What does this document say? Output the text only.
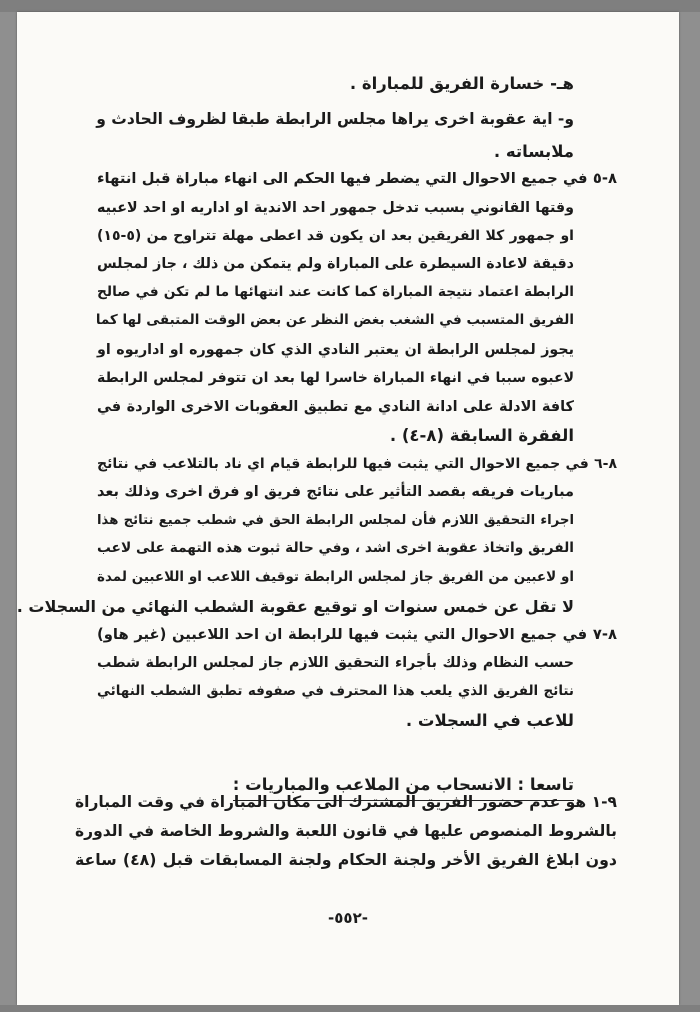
هـ- خسارة الفريق للمباراة .
و- اية عقوبة اخرى يراها مجلس الرابطة طبقا لظروف الحادث و
ملابساته .
٨-٥ في جميع الاحوال التي يضطر فيها الحكم الى انهاء مباراة قبل انتهاء
وقتها القانوني بسبب تدخل جمهور احد الاندية او اداريه او احد لاعبيه
او جمهور كلا الفريقين بعد ان يكون قد اعطى مهلة تتراوح من (٥-١٥)
دقيقة لاعادة السيطرة على المباراة ولم يتمكن من ذلك ، جاز لمجلس
الرابطة اعتماد نتيجة المباراة كما كانت عند انتهائها ما لم تكن في صالح
الفريق المتسبب في الشغب بغض النظر عن بعض الوقت المتبقى لها كما
يجوز لمجلس الرابطة ان يعتبر النادي الذي كان جمهوره او اداريوه او
لاعبوه سببا في انهاء المباراة خاسرا لها بعد ان تتوفر لمجلس الرابطة
كافة الادلة على ادانة النادي مع تطبيق العقوبات الاخرى الواردة في
الفقرة السابقة (٨-٤) .
٨-٦ في جميع الاحوال التي يثبت فيها للرابطة قيام اي ناد بالتلاعب في نتائج
مباريات فريقه بقصد التأثير على نتائج فريق او فرق اخرى وذلك بعد
اجراء التحقيق اللازم فأن لمجلس الرابطة الحق في شطب جميع نتائج هذا
الفريق واتخاذ عقوبة اخرى اشد ، وفي حالة ثبوت هذه التهمة على لاعب
او لاعبين من الفريق جاز لمجلس الرابطة توقيف اللاعب او اللاعبين لمدة
لا تقل عن خمس سنوات او توقيع عقوبة الشطب النهائي من السجلات .
٨-٧ في جميع الاحوال التي يثبت فيها للرابطة ان احد اللاعبين (غير هاو)
حسب النظام وذلك بأجراء التحقيق اللازم جاز لمجلس الرابطة شطب
نتائج الفريق الذي يلعب هذا المحترف في صفوفه تطبق الشطب النهائي
للاعب في السجلات .
تاسعا : الانسحاب من الملاعب والمباريات :
٩-١ هو عدم حضور الفريق المشترك الى مكان المباراة في وقت المباراة
بالشروط المنصوص عليها في قانون اللعبة والشروط الخاصة في الدورة
دون ابلاغ الفريق الأخر ولجنة الحكام ولجنة المسابقات قبل (٤٨) ساعة
-٥٥٢-
